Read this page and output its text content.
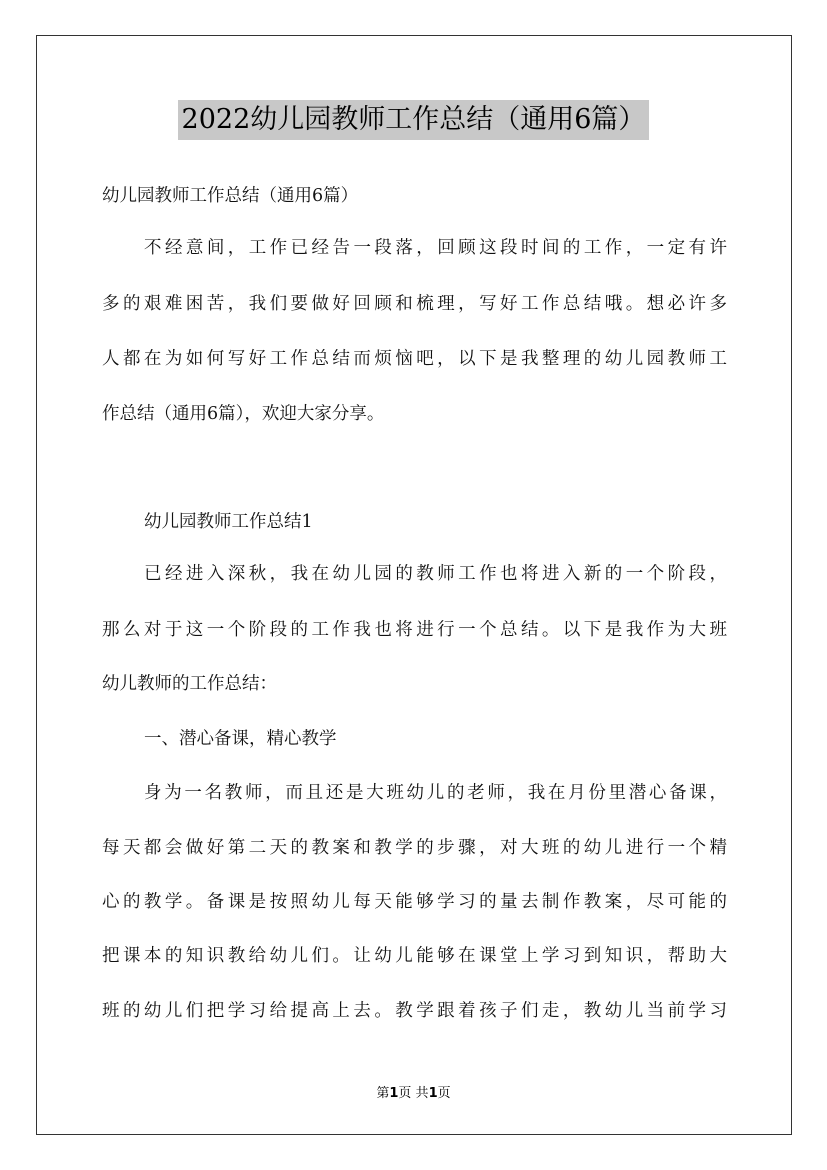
2022幼儿园教师工作总结（通用6篇）
幼儿园教师工作总结（通用6篇）
不经意间，工作已经告一段落，回顾这段时间的工作，一定有许
多的艰难困苦，我们要做好回顾和梳理，写好工作总结哦。想必许多
人都在为如何写好工作总结而烦恼吧，以下是我整理的幼儿园教师工
作总结（通用6篇），欢迎大家分享。
幼儿园教师工作总结1
已经进入深秋，我在幼儿园的教师工作也将进入新的一个阶段，
那么对于这一个阶段的工作我也将进行一个总结。以下是我作为大班
幼儿教师的工作总结：
一、潜心备课，精心教学
身为一名教师，而且还是大班幼儿的老师，我在月份里潜心备课，
每天都会做好第二天的教案和教学的步骤，对大班的幼儿进行一个精
心的教学。备课是按照幼儿每天能够学习的量去制作教案，尽可能的
把课本的知识教给幼儿们。让幼儿能够在课堂上学习到知识，帮助大
班的幼儿们把学习给提高上去。教学跟着孩子们走，教幼儿当前学习
第1页 共1页
